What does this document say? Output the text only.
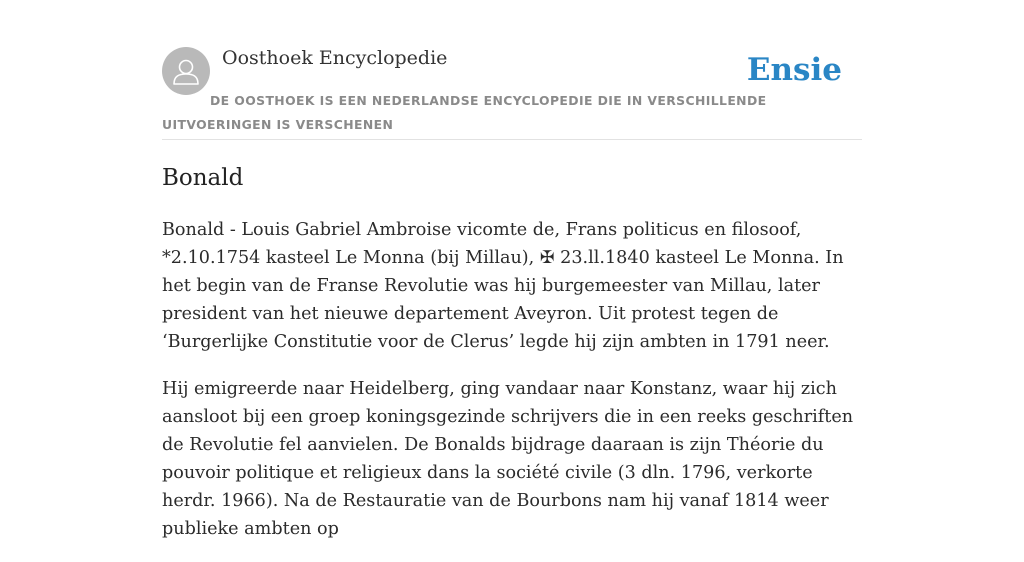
Oosthoek Encyclopedie	Ensie
DE OOSTHOEK IS EEN NEDERLANDSE ENCYCLOPEDIE DIE IN VERSCHILLENDE UITVOERINGEN IS VERSCHENEN
Bonald

Bonald - Louis Gabriel Ambroise vicomte de, Frans politicus en filosoof, *2.10.1754 kasteel Le Monna (bij Millau), ✠ 23.ll.1840 kasteel Le Monna. In het begin van de Franse Revolutie was hij burgemeester van Millau, later president van het nieuwe departement Aveyron. Uit protest tegen de ‘Burgerlijke Constitutie voor de Clerus’ legde hij zijn ambten in 1791 neer.

Hij emigreerde naar Heidelberg, ging vandaar naar Konstanz, waar hij zich aansloot bij een groep koningsgezinde schrijvers die in een reeks geschriften de Revolutie fel aanvielen. De Bonalds bijdrage daaraan is zijn Théorie du pouvoir politique et religieux dans la société civile (3 dln. 1796, verkorte herdr. 1966). Na de Restauratie van de Bourbons nam hij vanaf 1814 weer publieke ambten op
